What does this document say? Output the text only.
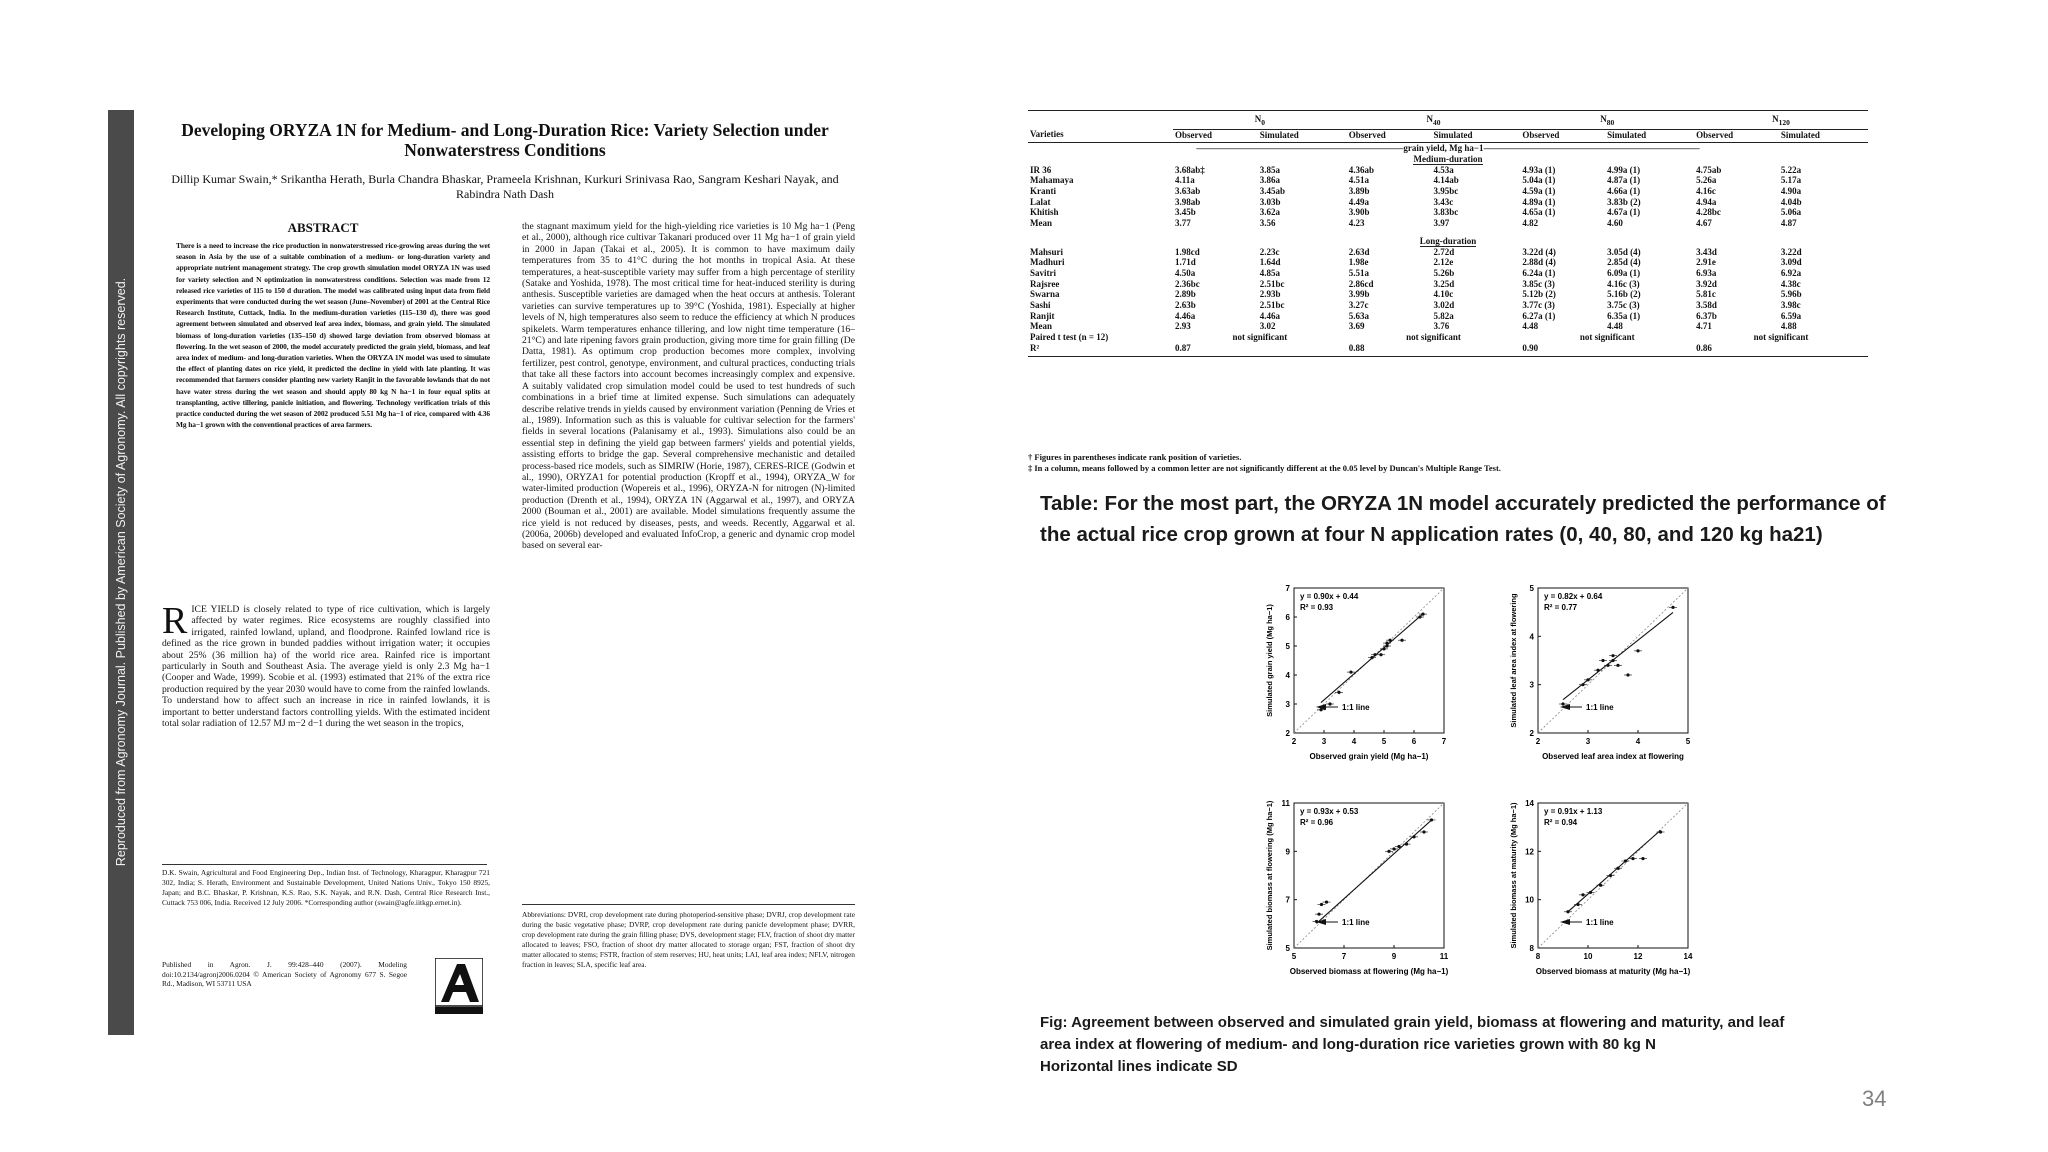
Reproduced from Agronomy Journal. Published by American Society of Agronomy. All copyrights reserved.
Developing ORYZA 1N for Medium- and Long-Duration Rice: Variety Selection under Nonwaterstress Conditions
Dillip Kumar Swain,* Srikantha Herath, Burla Chandra Bhaskar, Prameela Krishnan, Kurkuri Srinivasa Rao, Sangram Keshari Nayak, and Rabindra Nath Dash
ABSTRACT
There is a need to increase the rice production in nonwaterstressed rice-growing areas during the wet season in Asia by the use of a suitable combination of a medium- or long-duration variety and appropriate nutrient management strategy. The crop growth simulation model ORYZA 1N was used for variety selection and N optimization in nonwaterstress conditions. Selection was made from 12 released rice varieties of 115 to 150 d duration. The model was calibrated using input data from field experiments that were conducted during the wet season (June–November) of 2001 at the Central Rice Research Institute, Cuttack, India. In the medium-duration varieties (115–130 d), there was good agreement between simulated and observed leaf area index, biomass, and grain yield. The simulated biomass of long-duration varieties (135–150 d) showed large deviation from observed biomass at flowering. In the wet season of 2000, the model accurately predicted the grain yield, biomass, and leaf area index of medium- and long-duration varieties. When the ORYZA 1N model was used to simulate the effect of planting dates on rice yield, it predicted the decline in yield with late planting. It was recommended that farmers consider planting new variety Ranjit in the favorable lowlands that do not have water stress during the wet season and should apply 80 kg N ha−1 in four equal splits at transplanting, active tillering, panicle initiation, and flowering. Technology verification trials of this practice conducted during the wet season of 2002 produced 5.51 Mg ha−1 of rice, compared with 4.36 Mg ha−1 grown with the conventional practices of area farmers.
RICE YIELD is closely related to type of rice cultivation, which is largely affected by water regimes. Rice ecosystems are roughly classified into irrigated, rainfed lowland, upland, and floodprone. Rainfed lowland rice is defined as the rice grown in bunded paddies without irrigation water; it occupies about 25% (36 million ha) of the world rice area. Rainfed rice is important particularly in South and Southeast Asia. The average yield is only 2.3 Mg ha−1 (Cooper and Wade, 1999). Scobie et al. (1993) estimated that 21% of the extra rice production required by the year 2030 would have to come from the rainfed lowlands. To understand how to affect such an increase in rice in rainfed lowlands, it is important to better understand factors controlling yields. With the estimated incident total solar radiation of 12.57 MJ m−2 d−1 during the wet season in the tropics,
D.K. Swain, Agricultural and Food Engineering Dep., Indian Inst. of Technology, Kharagpur, Kharagpur 721 302, India; S. Herath, Environment and Sustainable Development, United Nations Univ., Tokyo 150 8925, Japan; and B.C. Bhaskar, P. Krishnan, K.S. Rao, S.K. Nayak, and R.N. Dash, Central Rice Research Inst., Cuttack 753 006, India. Received 12 July 2006. *Corresponding author (swain@agfe.iitkgp.ernet.in).
Published in Agron. J. 99:428–440 (2007). Modeling doi:10.2134/agronj2006.0204 © American Society of Agronomy 677 S. Segoe Rd., Madison, WI 53711 USA
the stagnant maximum yield for the high-yielding rice varieties is 10 Mg ha−1 (Peng et al., 2000), although rice cultivar Takanari produced over 11 Mg ha−1 of grain yield in 2000 in Japan (Takai et al., 2005). It is common to have maximum daily temperatures from 35 to 41°C during the hot months in tropical Asia. At these temperatures, a heat-susceptible variety may suffer from a high percentage of sterility (Satake and Yoshida, 1978). The most critical time for heat-induced sterility is during anthesis. Susceptible varieties are damaged when the heat occurs at anthesis. Tolerant varieties can survive temperatures up to 39°C (Yoshida, 1981). Especially at higher levels of N, high temperatures also seem to reduce the efficiency at which N produces spikelets. Warm temperatures enhance tillering, and low night time temperature (16–21°C) and late ripening favors grain production, giving more time for grain filling (De Datta, 1981). As optimum crop production becomes more complex, involving fertilizer, pest control, genotype, environment, and cultural practices, conducting trials that take all these factors into account becomes increasingly complex and expensive. A suitably validated crop simulation model could be used to test hundreds of such combinations in a brief time at limited expense. Such simulations can adequately describe relative trends in yields caused by environment variation (Penning de Vries et al., 1989). Information such as this is valuable for cultivar selection for the farmers' fields in several locations (Palanisamy et al., 1993). Simulations also could be an essential step in defining the yield gap between farmers' yields and potential yields, assisting efforts to bridge the gap. Several comprehensive mechanistic and detailed process-based rice models, such as SIMRIW (Horie, 1987), CERES-RICE (Godwin et al., 1990), ORYZA1 for potential production (Kropff et al., 1994), ORYZA_W for water-limited production (Wopereis et al., 1996), ORYZA-N for nitrogen (N)-limited production (Drenth et al., 1994), ORYZA 1N (Aggarwal et al., 1997), and ORYZA 2000 (Bouman et al., 2001) are available. Model simulations frequently assume the rice yield is not reduced by diseases, pests, and weeds. Recently, Aggarwal et al. (2006a, 2006b) developed and evaluated InfoCrop, a generic and dynamic crop model based on several ear-
Abbreviations: DVRI, crop development rate during photoperiod-sensitive phase; DVRJ, crop development rate during the basic vegetative phase; DVRP, crop development rate during panicle development phase; DVRR, crop development rate during the grain filling phase; DVS, development stage; FLV, fraction of shoot dry matter allocated to leaves; FSO, fraction of shoot dry matter allocated to storage organ; FST, fraction of shoot dry matter allocated to stems; FSTR, fraction of stem reserves; HU, heat units; LAI, leaf area index; NFLV, nitrogen fraction in leaves; SLA, specific leaf area.

	$N_0$		$N_{40}$		$N_{80}$		$N_{120}$
Varieties	Observed	Simulated	Observed	Simulated	Observed	Simulated	Observed	Simulated
———————————————————————grain yield, Mg ha−1————————————————————————								
Medium-duration								
IR 36	3.68ab‡	3.85a	4.36ab	4.53a	4.93a (1)	4.99a (1)	4.75ab	5.22a
Mahamaya	4.11a	3.86a	4.51a	4.14ab	5.04a (1)	4.87a (1)	5.26a	5.17a
Kranti	3.63ab	3.45ab	3.89b	3.95bc	4.59a (1)	4.66a (1)	4.16c	4.90a
Lalat	3.98ab	3.03b	4.49a	3.43c	4.89a (1)	3.83b (2)	4.94a	4.04b
Khitish	3.45b	3.62a	3.90b	3.83bc	4.65a (1)	4.67a (1)	4.28bc	5.06a
Mean	3.77	3.56	4.23	3.97	4.82	4.60	4.67	4.87

Long-duration								
Mahsuri	1.98cd	2.23c	2.63d	2.72d	3.22d (4)	3.05d (4)	3.43d	3.22d
Madhuri	1.71d	1.64d	1.98e	2.12e	2.88d (4)	2.85d (4)	2.91e	3.09d
Savitri	4.50a	4.85a	5.51a	5.26b	6.24a (1)	6.09a (1)	6.93a	6.92a
Rajsree	2.36bc	2.51bc	2.86cd	3.25d	3.85c (3)	4.16c (3)	3.92d	4.38c
Swarna	2.89b	2.93b	3.99b	4.10c	5.12b (2)	5.16b (2)	5.81c	5.96b
Sashi	2.63b	2.51bc	3.27c	3.02d	3.77c (3)	3.75c (3)	3.58d	3.98c
Ranjit	4.46a	4.46a	5.63a	5.82a	6.27a (1)	6.35a (1)	6.37b	6.59a
Mean	2.93	3.02	3.69	3.76	4.48	4.48	4.71	4.88
Paired t test (n = 12)	not significant		not significant		not significant		not significant	
R²	0.87		0.88		0.90		0.86	

† Figures in parentheses indicate rank position of varieties.
‡ In a column, means followed by a common letter are not significantly different at the 0.05 level by Duncan's Multiple Range Test.
Table: For the most part, the ORYZA 1N model accurately predicted the performance of the actual rice crop grown at four N application rates (0, 40, 80, and 120 kg ha21)
2	3	4	5	6	7
2
3
4
5
6
7
y = 0.90x + 0.44
R² = 0.93
1:1 line
Observed grain yield (Mg ha−1)
Simulated grain yield (Mg ha−1)
2	3	4	5
2
3
4
5
y = 0.82x + 0.64
R² = 0.77
1:1 line
Observed leaf area index at flowering
Simulated leaf area index at flowering
5	7	9	11
5
7
9
11
y = 0.93x + 0.53
R² = 0.96
1:1 line
Observed biomass at flowering (Mg ha−1)
Simulated biomass at flowering (Mg ha−1)
8	10	12	14
8
10
12
14
y = 0.91x + 1.13
R² = 0.94
1:1 line
Observed biomass at maturity (Mg ha−1)
Simulated biomass at maturity (Mg ha−1)
Fig: Agreement between observed and simulated grain yield, biomass at flowering and maturity, and leaf
area index at flowering of medium- and long-duration rice varieties grown with 80 kg N
Horizontal lines indicate SD
34
